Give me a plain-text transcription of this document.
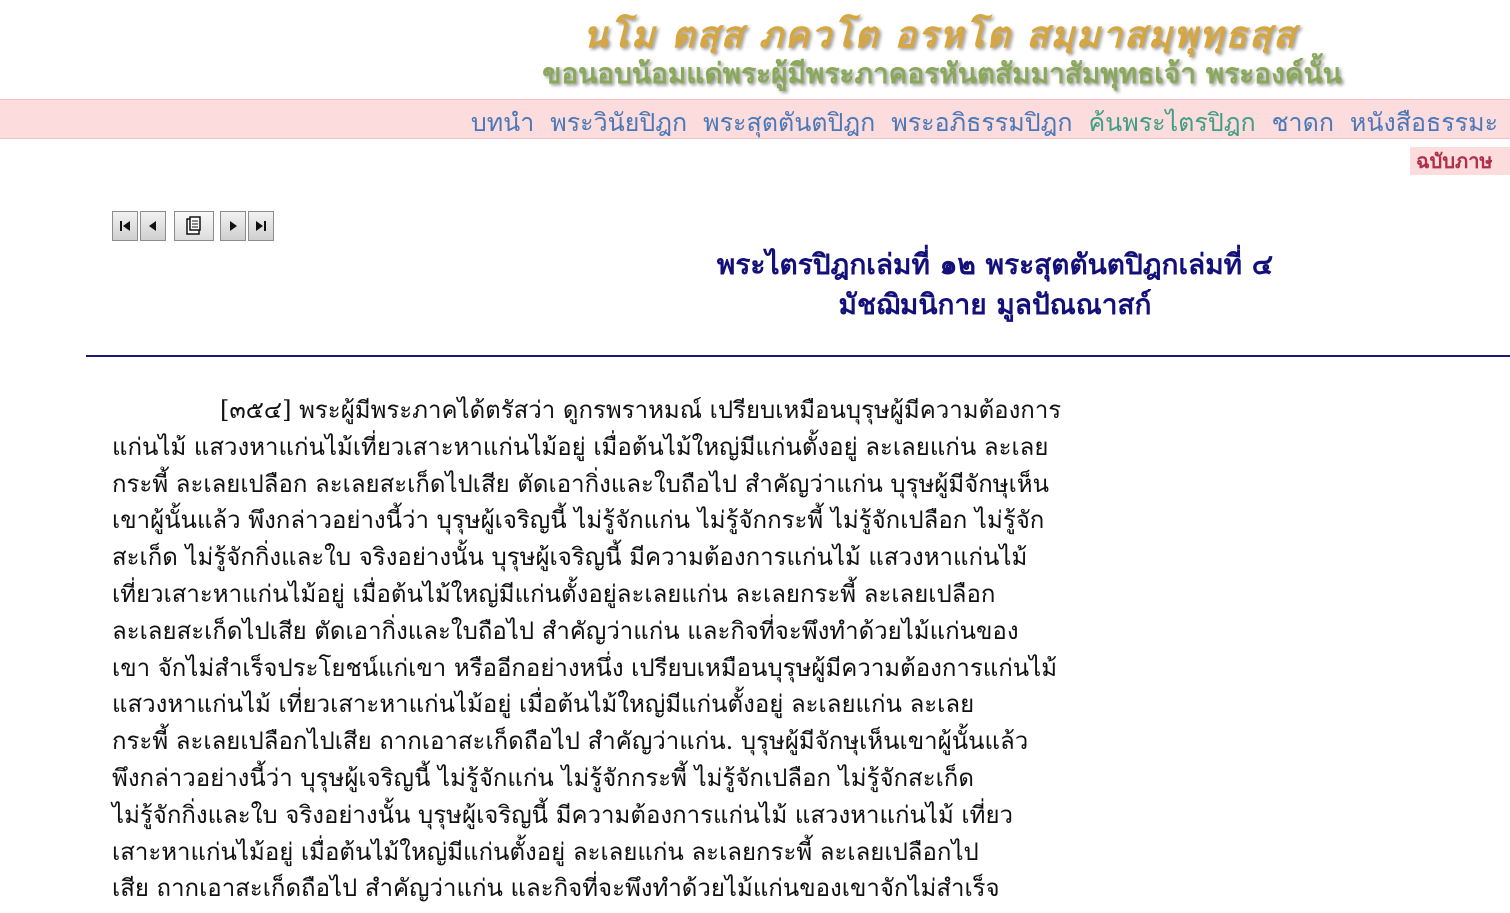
นโม ตสฺส ภควโต อรหโต สมฺมาสมฺพุทฺธสฺส
ขอนอบน้อมแด่พระผู้มีพระภาคอรหันตสัมมาสัมพุทธเจ้า พระองค์นั้น
บทนำ พระวินัยปิฎก พระสุตตันตปิฎก พระอภิธรรมปิฎก ค้นพระไตรปิฎก ชาดก หนังสือธรรมะ
ฉบับภาษ
พระไตรปิฎกเล่มที่ ๑๒ พระสุตตันตปิฎกเล่มที่ ๔
มัชฌิมนิกาย มูลปัณณาสก์
[๓๕๔] พระผู้มีพระภาคได้ตรัสว่า ดูกรพราหมณ์ เปรียบเหมือนบุรุษผู้มีความต้องการ
แก่นไม้ แสวงหาแก่นไม้เที่ยวเสาะหาแก่นไม้อยู่ เมื่อต้นไม้ใหญ่มีแก่นตั้งอยู่ ละเลยแก่น ละเลย
กระพี้ ละเลยเปลือก ละเลยสะเก็ดไปเสีย ตัดเอากิ่งและใบถือไป สำคัญว่าแก่น บุรุษผู้มีจักษุเห็น
เขาผู้นั้นแล้ว พึงกล่าวอย่างนี้ว่า บุรุษผู้เจริญนี้ ไม่รู้จักแก่น ไม่รู้จักกระพี้ ไม่รู้จักเปลือก ไม่รู้จัก
สะเก็ด ไม่รู้จักกิ่งและใบ จริงอย่างนั้น บุรุษผู้เจริญนี้ มีความต้องการแก่นไม้ แสวงหาแก่นไม้
เที่ยวเสาะหาแก่นไม้อยู่ เมื่อต้นไม้ใหญ่มีแก่นตั้งอยู่ละเลยแก่น ละเลยกระพี้ ละเลยเปลือก
ละเลยสะเก็ดไปเสีย ตัดเอากิ่งและใบถือไป สำคัญว่าแก่น และกิจที่จะพึงทำด้วยไม้แก่นของ
เขา จักไม่สำเร็จประโยชน์แก่เขา หรืออีกอย่างหนึ่ง เปรียบเหมือนบุรุษผู้มีความต้องการแก่นไม้
แสวงหาแก่นไม้ เที่ยวเสาะหาแก่นไม้อยู่ เมื่อต้นไม้ใหญ่มีแก่นตั้งอยู่ ละเลยแก่น ละเลย
กระพี้ ละเลยเปลือกไปเสีย ถากเอาสะเก็ดถือไป สำคัญว่าแก่น. บุรุษผู้มีจักษุเห็นเขาผู้นั้นแล้ว
พึงกล่าวอย่างนี้ว่า บุรุษผู้เจริญนี้ ไม่รู้จักแก่น ไม่รู้จักกระพี้ ไม่รู้จักเปลือก ไม่รู้จักสะเก็ด
ไม่รู้จักกิ่งและใบ จริงอย่างนั้น บุรุษผู้เจริญนี้ มีความต้องการแก่นไม้ แสวงหาแก่นไม้ เที่ยว
เสาะหาแก่นไม้อยู่ เมื่อต้นไม้ใหญ่มีแก่นตั้งอยู่ ละเลยแก่น ละเลยกระพี้ ละเลยเปลือกไป
เสีย ถากเอาสะเก็ดถือไป สำคัญว่าแก่น และกิจที่จะพึงทำด้วยไม้แก่นของเขาจักไม่สำเร็จ
